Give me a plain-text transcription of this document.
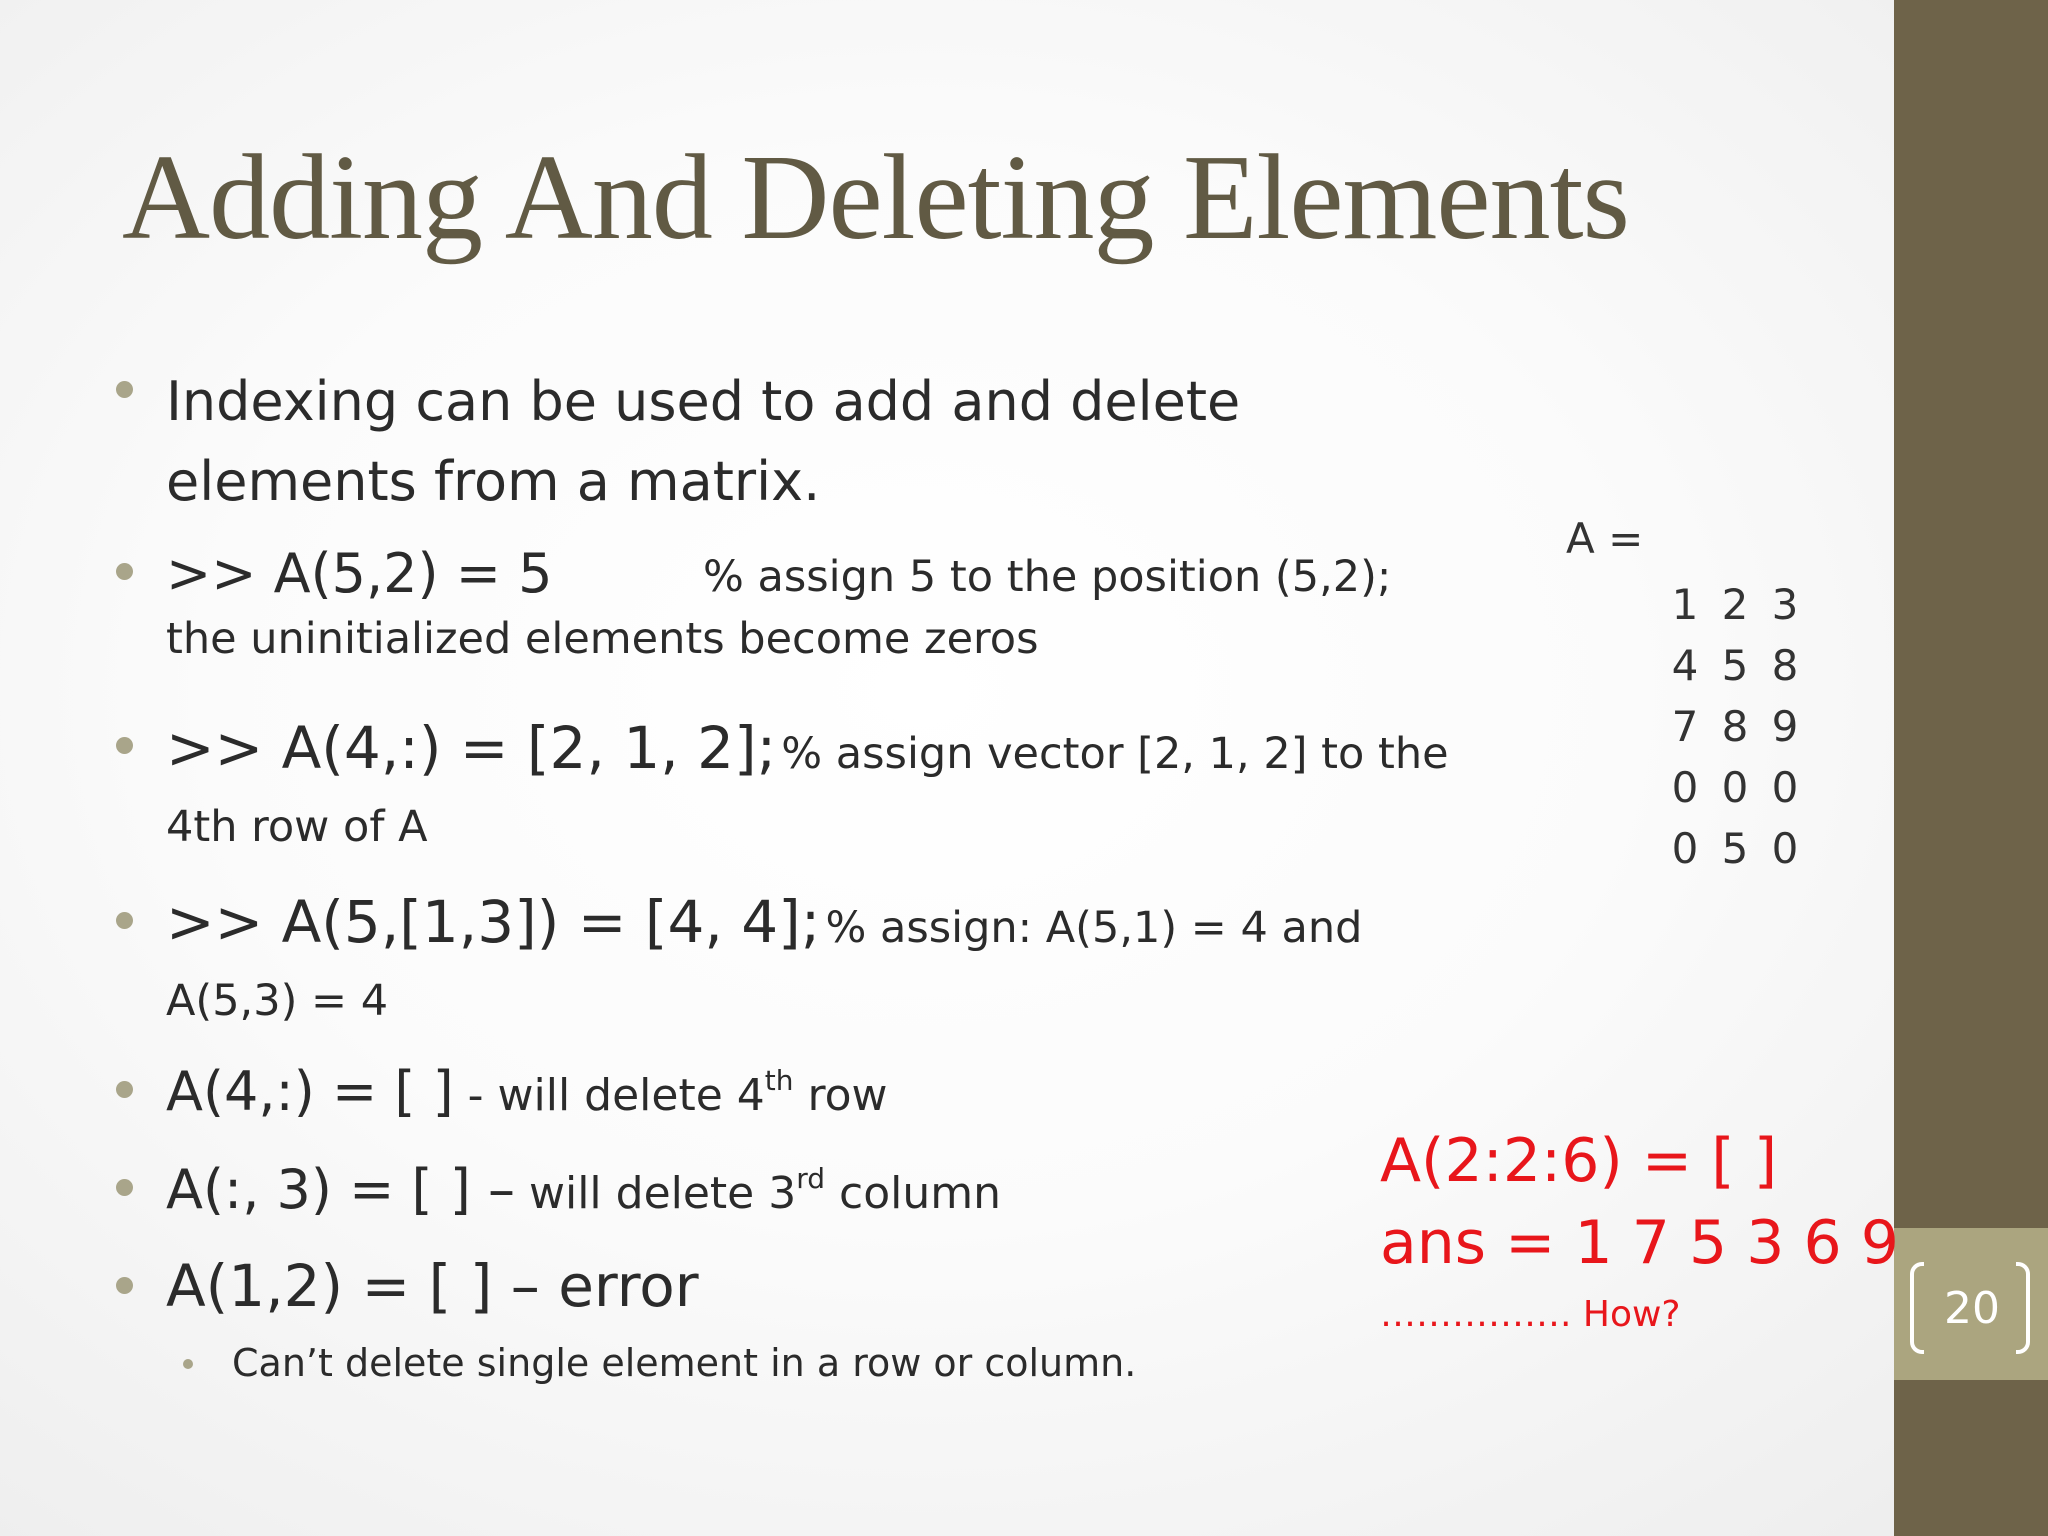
20
Adding And Deleting Elements
Indexing can be used to add and delete
elements from a matrix.
>> A(5,2) = 5	% assign 5 to the position (5,2);
the uninitialized elements become zeros
>> A(4,:) = [2, 1, 2]; % assign vector [2, 1, 2] to the
4th row of A
>> A(5,[1,3]) = [4, 4]; % assign: A(5,1) = 4 and
A(5,3) = 4
A(4,:) = [ ] - will delete 4th row
A(:, 3) = [ ] – will delete 3rd column
A(1,2) = [ ] – error
Can’t delete single element in a row or column.
A =
1 2 3
4 5 8
7 8 9
0 0 0
0 5 0
A(2:2:6) = [ ]
ans = 1 7 5 3 6 9
……………. How?
